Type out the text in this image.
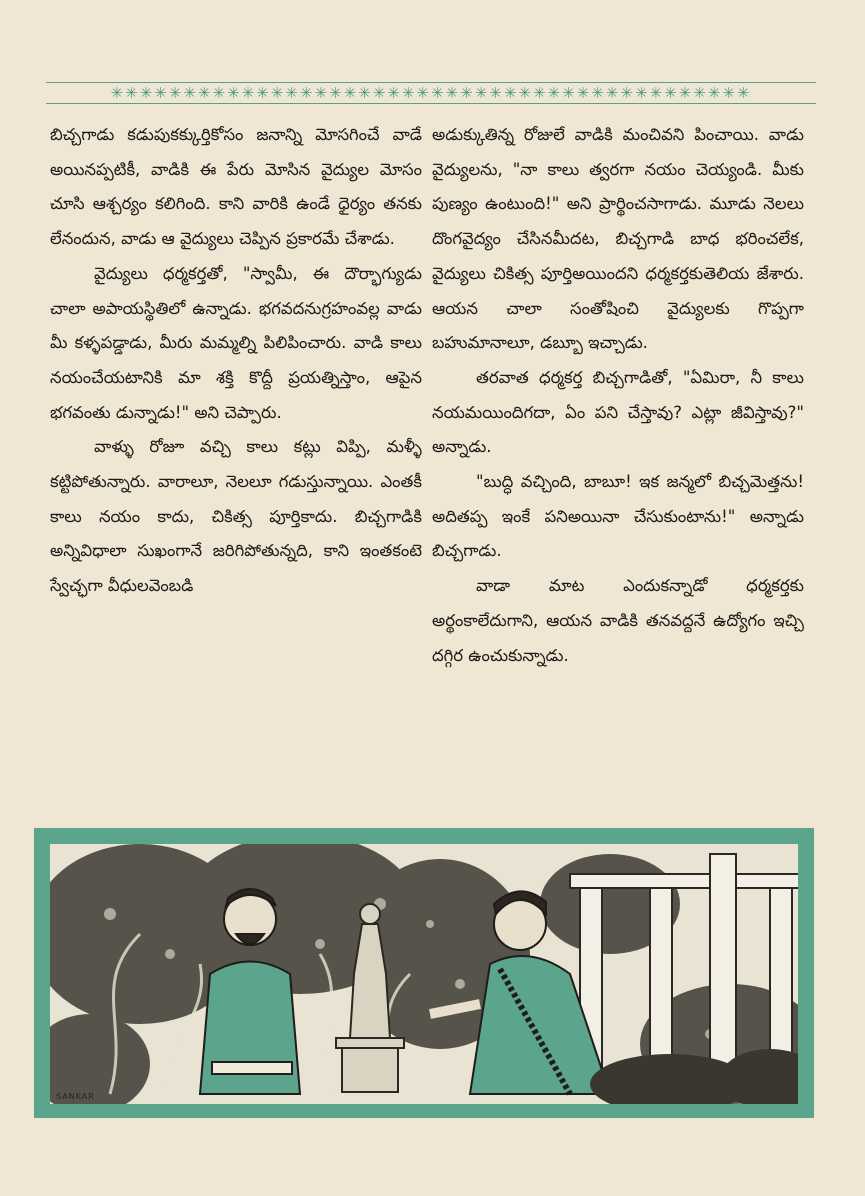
✳✳✳✳✳✳✳✳✳✳✳✳✳✳✳✳✳✳✳✳✳✳✳✳✳✳✳✳✳✳✳✳✳✳✳✳✳✳✳✳✳✳✳✳

బిచ్చగాడు కడుపుకక్కుర్తికోసం జనాన్ని మోసగించే వాడే అయినప్పటికీ, వాడికి ఈ పేరు మోసిన వైద్యుల మోసం చూసి ఆశ్చర్యం కలిగింది. కాని వారికి ఉండే ధైర్యం తనకు లేనందున, వాడు ఆ వైద్యులు చెప్పిన ప్రకారమే చేశాడు.

వైద్యులు ధర్మకర్తతో, "స్వామీ, ఈ దౌర్భాగ్యుడు చాలా అపాయస్థితిలో ఉన్నాడు. భగవదనుగ్రహంవల్ల వాడు మీ కళ్ళపడ్డాడు, మీరు మమ్మల్ని పిలిపించారు. వాడి కాలు నయంచేయటానికి మా శక్తి కొద్దీ ప్రయత్నిస్తాం, ఆపైన భగవంతు డున్నాడు!" అని చెప్పారు.

వాళ్ళు రోజూ వచ్చి కాలు కట్లు విప్పి, మళ్ళీ కట్టిపోతున్నారు. వారాలూ, నెలలూ గడుస్తున్నాయి. ఎంతకీ కాలు నయం కాదు, చికిత్స పూర్తికాదు. బిచ్చగాడికి అన్నివిధాలా సుఖంగానే జరిగిపోతున్నది, కాని ఇంతకంటె స్వేచ్ఛగా వీధులవెంబడి

అడుక్కుతిన్న రోజులే వాడికి మంచివని పించాయి. వాడు వైద్యులను, "నా కాలు త్వరగా నయం చెయ్యండి. మీకు పుణ్యం ఉంటుంది!" అని ప్రార్థించసాగాడు. మూడు నెలలు దొంగవైద్యం చేసినమీదట, బిచ్చగాడి బాధ భరించలేక, వైద్యులు చికిత్స పూర్తిఅయిందని ధర్మకర్తకుతెలియ జేశారు. ఆయన చాలా సంతోషించి వైద్యులకు గొప్పగా బహుమానాలూ, డబ్బూ ఇచ్చాడు.

తరవాత ధర్మకర్త బిచ్చగాడితో, "ఏమిరా, నీ కాలు నయమయిందిగదా, ఏం పని చేస్తావు? ఎట్లా జీవిస్తావు?" అన్నాడు.

"బుద్ధి వచ్చింది, బాబూ! ఇక జన్మలో బిచ్చమెత్తను! అదితప్ప ఇంకే పనిఅయినా చేసుకుంటాను!" అన్నాడు బిచ్చగాడు.

వాడా మాట ఎందుకన్నాడో ధర్మకర్తకు అర్థంకాలేదుగాని, ఆయన వాడికి తనవద్దనే ఉద్యోగం ఇచ్చి దగ్గిర ఉంచుకున్నాడు.

SANKAR
